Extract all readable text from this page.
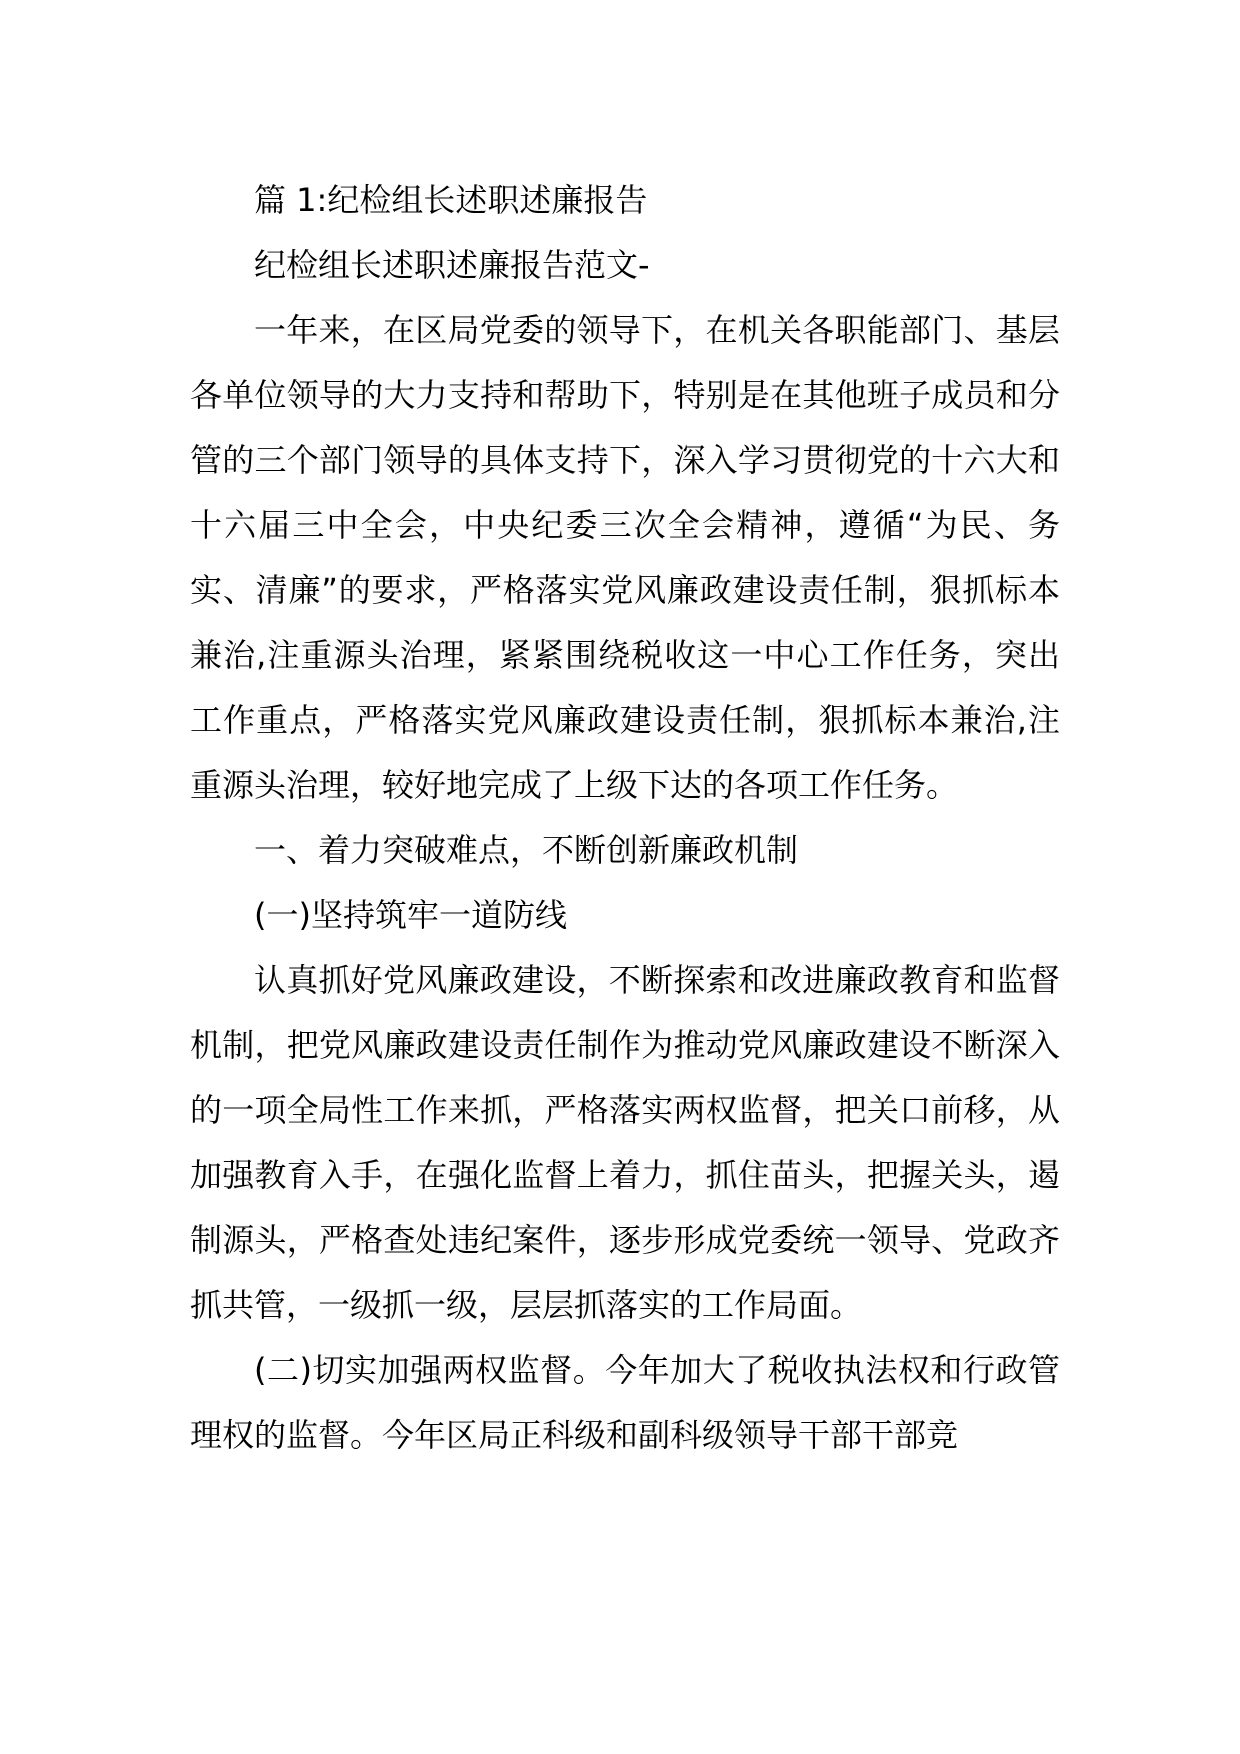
篇 1:纪检组长述职述廉报告

纪检组长述职述廉报告范文-

一年来，在区局党委的领导下，在机关各职能部门、基层各单位领导的大力支持和帮助下，特别是在其他班子成员和分管的三个部门领导的具体支持下，深入学习贯彻党的十六大和十六届三中全会，中央纪委三次全会精神，遵循“为民、务实、清廉”的要求，严格落实党风廉政建设责任制，狠抓标本兼治,注重源头治理，紧紧围绕税收这一中心工作任务，突出工作重点，严格落实党风廉政建设责任制，狠抓标本兼治,注重源头治理，较好地完成了上级下达的各项工作任务。

一、着力突破难点，不断创新廉政机制

(一)坚持筑牢一道防线

认真抓好党风廉政建设，不断探索和改进廉政教育和监督机制，把党风廉政建设责任制作为推动党风廉政建设不断深入的一项全局性工作来抓，严格落实两权监督，把关口前移，从加强教育入手，在强化监督上着力，抓住苗头，把握关头，遏制源头，严格查处违纪案件，逐步形成党委统一领导、党政齐抓共管，一级抓一级，层层抓落实的工作局面。

(二)切实加强两权监督。今年加大了税收执法权和行政管理权的监督。今年区局正科级和副科级领导干部干部竞
